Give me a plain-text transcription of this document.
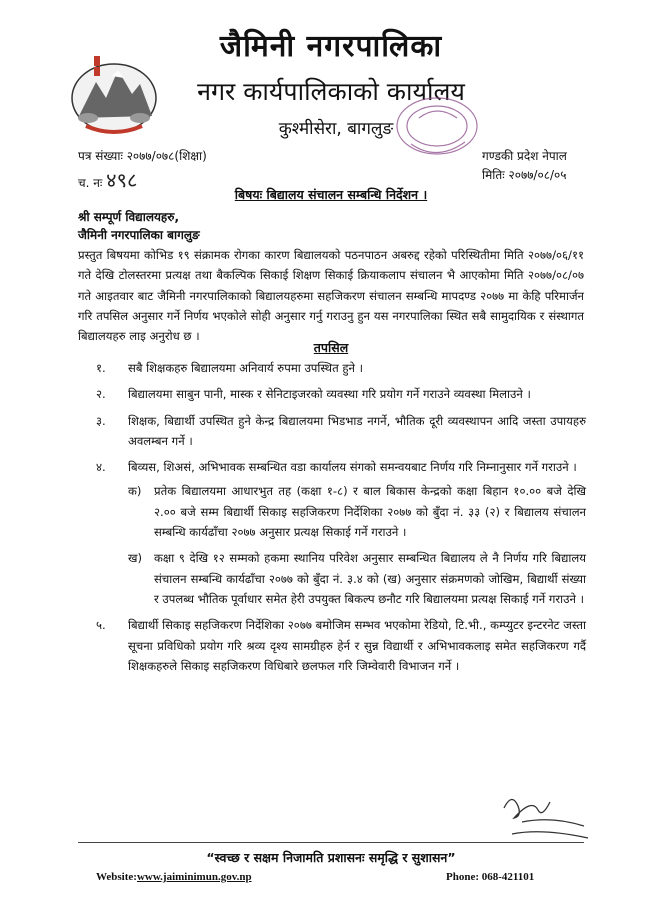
जैमिनी नगरपालिका
नगर कार्यपालिकाको कार्यालय
कुश्मीसेरा, बागलुङ
पत्र संख्याः २०७७/०७८(शिक्षा)
च. नः ४९८
गण्डकी प्रदेश नेपाल
मितिः २०७७/०८/०५
बिषयः बिद्यालय संचालन सम्बन्धि निर्देशन ।
श्री सम्पूर्ण विद्यालयहरु,
जैमिनी नगरपालिका बागलुङ
प्रस्तुत बिषयमा कोभिड १९ संक्रामक रोगका कारण बिद्यालयको पठनपाठन अबरुद्द रहेको परिस्थितीमा मिति २०७७/०६/११ गते देखि टोलस्तरमा प्रत्यक्ष तथा बैकल्पिक सिकाई शिक्षण सिकाई क्रियाकलाप संचालन भै आएकोमा मिति २०७७/०८/०७ गते आइतवार बाट जैमिनी नगरपालिकाको बिद्यालयहरुमा सहजिकरण संचालन सम्बन्धि मापदण्ड २०७७ मा केहि परिमार्जन गरि तपसिल अनुसार गर्ने निर्णय भएकोले सोही अनुसार गर्नु गराउनु हुन यस नगरपालिका स्थित सबै सामुदायिक र संस्थागत बिद्यालयहरु लाइ अनुरोध छ ।
तपसिल
१. सबै शिक्षकहरु बिद्यालयमा अनिवार्य रुपमा उपस्थित हुने ।
२. बिद्यालयमा साबुन पानी, मास्क र सेनिटाइजरको व्यवस्था गरि प्रयोग गर्ने गराउने व्यवस्था मिलाउने ।
३. शिक्षक, बिद्यार्थी उपस्थित हुने केन्द्र बिद्यालयमा भिडभाड नगर्ने, भौतिक दूरी व्यवस्थापन आदि जस्ता उपायहरु अवलम्बन गर्ने ।
४. बिव्यस, शिअसं, अभिभावक सम्बन्धित वडा कार्यालय संगको समन्वयबाट निर्णय गरि निम्नानुसार गर्ने गराउने ।
क) प्रतेक बिद्यालयमा आधारभुत तह (कक्षा १-८) र बाल बिकास केन्द्रको कक्षा बिहान १०.०० बजे देखि २.०० बजे सम्म बिद्यार्थी सिकाइ सहजिकरण निर्देशिका २०७७ को बुँदा नं. ३३ (२) र बिद्यालय संचालन सम्बन्धि कार्यढाँचा २०७७ अनुसार प्रत्यक्ष सिकाई गर्ने गराउने ।
ख) कक्षा ९ देखि १२ सम्मको हकमा स्थानिय परिवेश अनुसार सम्बन्धित बिद्यालय ले नै निर्णय गरि बिद्यालय संचालन सम्बन्धि कार्यढाँचा २०७७ को बुँदा नं. ३.४ को (ख) अनुसार संक्रमणको जोखिम, बिद्यार्थी संख्या र उपलब्ध भौतिक पूर्वाधार समेत हेरी उपयुक्त बिकल्प छनौट गरि बिद्यालयमा प्रत्यक्ष सिकाई गर्ने गराउने ।
५. बिद्यार्थी सिकाइ सहजिकरण निर्देशिका २०७७ बमोजिम सम्भव भएकोमा रेडियो, टि.भी., कम्प्युटर इन्टरनेट जस्ता सूचना प्रविधिको प्रयोग गरि श्रव्य दृश्य सामग्रीहरु हेर्न र सुन्न विद्यार्थी र अभिभावकलाइ समेत सहजिकरण गर्दै शिक्षकहरुले सिकाइ सहजिकरण विधिबारे छलफल गरि जिम्वेवारी विभाजन गर्ने ।
“स्वच्छ र सक्षम निजामति प्रशासनः समृद्धि र सुशासन”
Website:www.jaiminimun.gov.np	Phone: 068-421101
